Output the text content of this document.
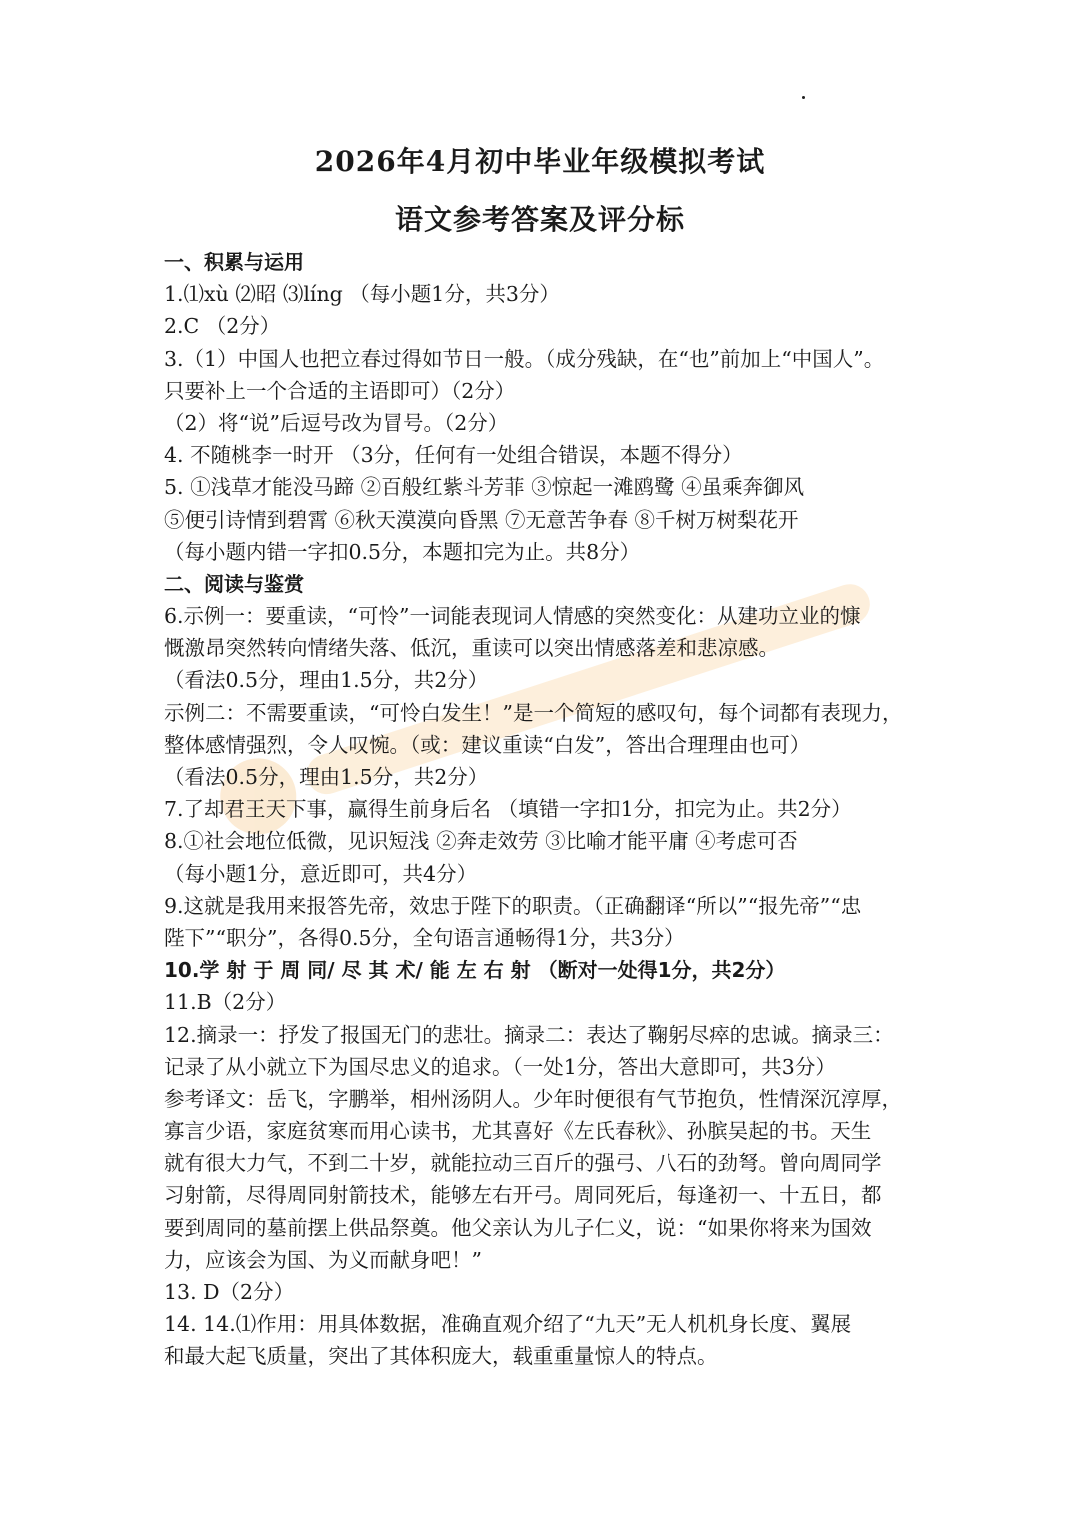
2026年4月初中毕业年级模拟考试
语文参考答案及评分标
一、积累与运用
1.⑴xù ⑵昭 ⑶líng （每小题1分，共3分）
2.C （2分）
3.（1）中国人也把立春过得如节日一般。（成分残缺，在“也”前加上“中国人”。
只要补上一个合适的主语即可）（2分）
（2）将“说”后逗号改为冒号。（2分）
4. 不随桃李一时开 （3分，任何有一处组合错误，本题不得分）
5. ①浅草才能没马蹄 ②百般红紫斗芳菲 ③惊起一滩鸥鹭 ④虽乘奔御风
⑤便引诗情到碧霄 ⑥秋天漠漠向昏黑 ⑦无意苦争春 ⑧千树万树梨花开
（每小题内错一字扣0.5分，本题扣完为止。共8分）
二、阅读与鉴赏
6.示例一：要重读，“可怜”一词能表现词人情感的突然变化：从建功立业的慷
慨激昂突然转向情绪失落、低沉，重读可以突出情感落差和悲凉感。
（看法0.5分，理由1.5分，共2分）
示例二：不需要重读，“可怜白发生！”是一个简短的感叹句，每个词都有表现力，
整体感情强烈，令人叹惋。（或：建议重读“白发”，答出合理理由也可）
（看法0.5分，理由1.5分，共2分）
7.了却君王天下事，赢得生前身后名 （填错一字扣1分，扣完为止。共2分）
8.①社会地位低微，见识短浅 ②奔走效劳 ③比喻才能平庸 ④考虑可否
（每小题1分，意近即可，共4分）
9.这就是我用来报答先帝，效忠于陛下的职责。（正确翻译“所以”“报先帝”“忠
陛下”“职分”，各得0.5分，全句语言通畅得1分，共3分）
10.学 射 于 周 同/ 尽 其 术/ 能 左 右 射 （断对一处得1分，共2分）
11.B（2分）
12.摘录一：抒发了报国无门的悲壮。摘录二：表达了鞠躬尽瘁的忠诚。摘录三：
记录了从小就立下为国尽忠义的追求。（一处1分，答出大意即可，共3分）
参考译文：岳飞，字鹏举，相州汤阴人。少年时便很有气节抱负，性情深沉淳厚，
寡言少语，家庭贫寒而用心读书，尤其喜好《左氏春秋》、孙膑吴起的书。天生
就有很大力气，不到二十岁，就能拉动三百斤的强弓、八石的劲弩。曾向周同学
习射箭，尽得周同射箭技术，能够左右开弓。周同死后，每逢初一、十五日，都
要到周同的墓前摆上供品祭奠。他父亲认为儿子仁义，说：“如果你将来为国效
力，应该会为国、为义而献身吧！”
13. D（2分）
14. 14.⑴作用：用具体数据，准确直观介绍了“九天”无人机机身长度、翼展
和最大起飞质量，突出了其体积庞大，载重重量惊人的特点。
